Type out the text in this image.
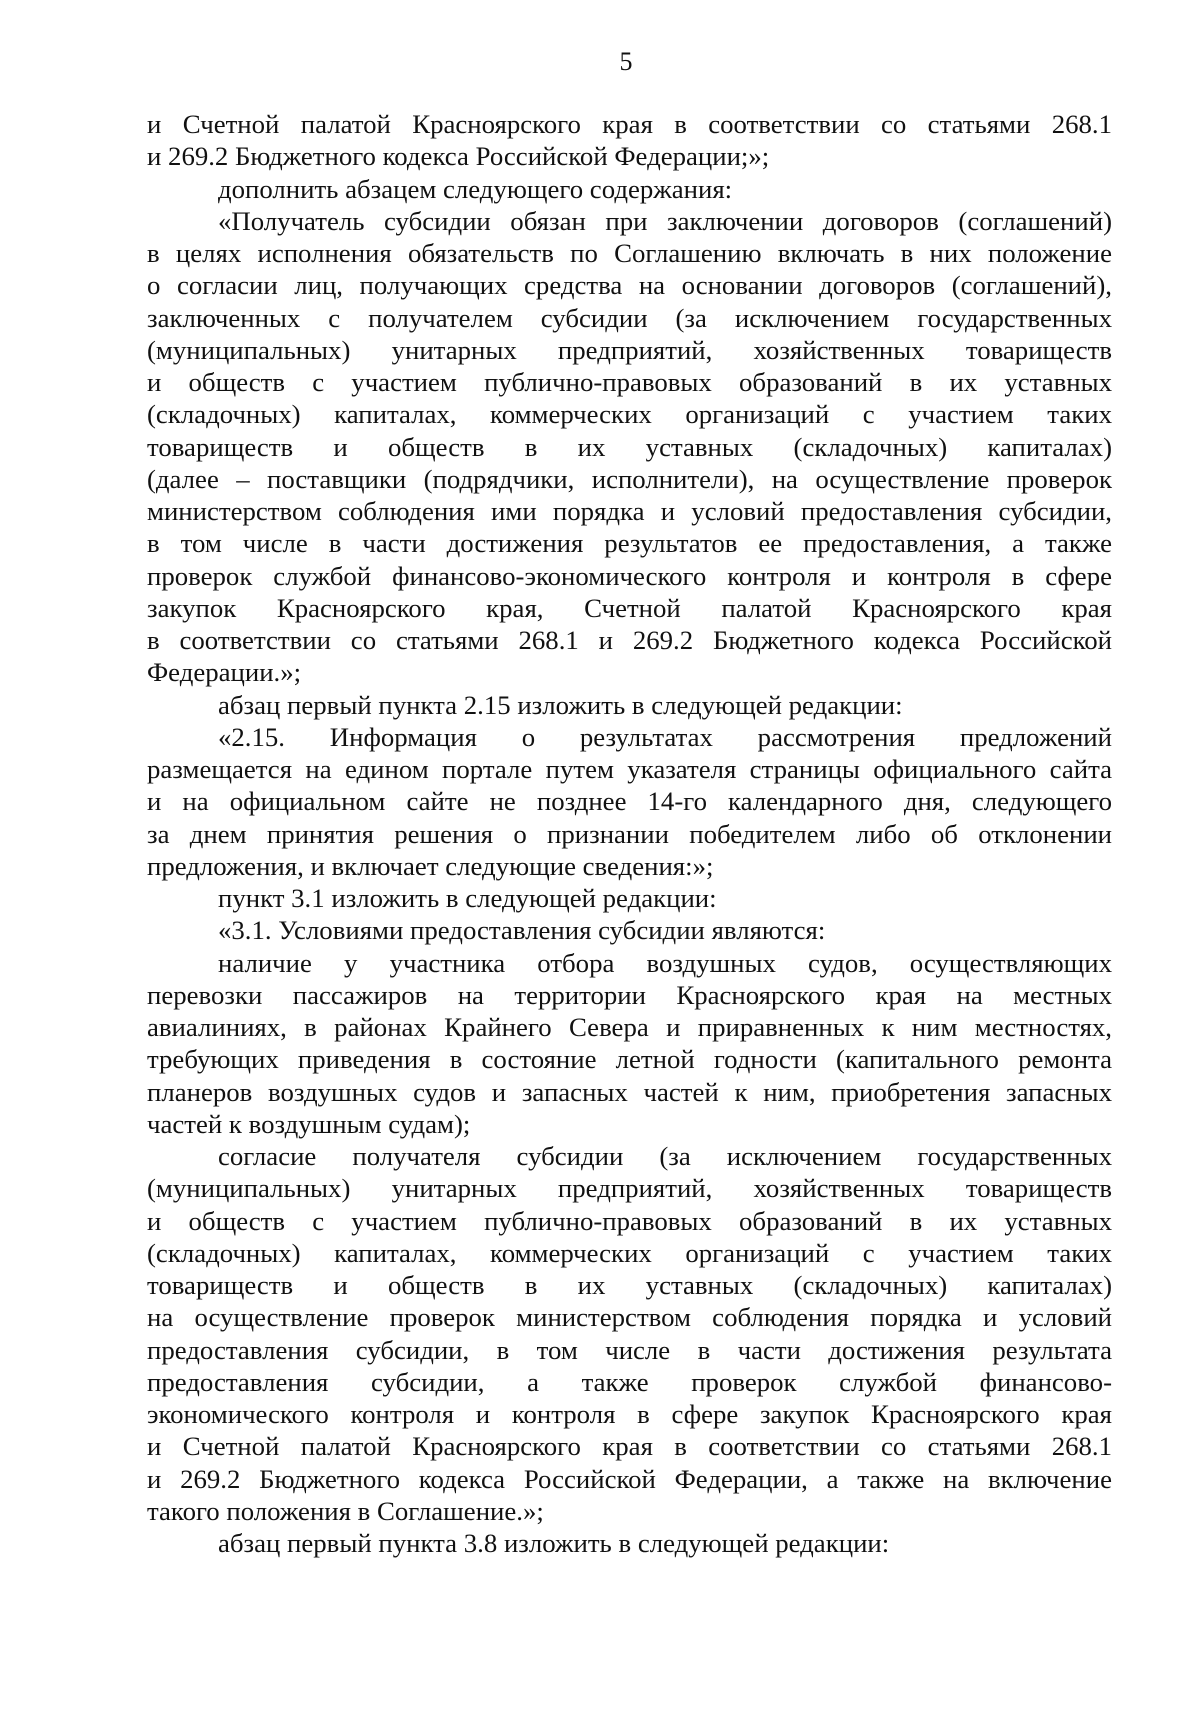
5
и Счетной палатой Красноярского края в соответствии со статьями 268.1
и 269.2 Бюджетного кодекса Российской Федерации;»;
дополнить абзацем следующего содержания:
«Получатель субсидии обязан при заключении договоров (соглашений)
в целях исполнения обязательств по Соглашению включать в них положение
о согласии лиц, получающих средства на основании договоров (соглашений),
заключенных с получателем субсидии (за исключением государственных
(муниципальных) унитарных предприятий, хозяйственных товариществ
и обществ с участием публично-правовых образований в их уставных
(складочных) капиталах, коммерческих организаций с участием таких
товариществ и обществ в их уставных (складочных) капиталах)
(далее – поставщики (подрядчики, исполнители), на осуществление проверок
министерством соблюдения ими порядка и условий предоставления субсидии,
в том числе в части достижения результатов ее предоставления, а также
проверок службой финансово-экономического контроля и контроля в сфере
закупок Красноярского края, Счетной палатой Красноярского края
в соответствии со статьями 268.1 и 269.2 Бюджетного кодекса Российской
Федерации.»;
абзац первый пункта 2.15 изложить в следующей редакции:
«2.15. Информация о результатах рассмотрения предложений
размещается на едином портале путем указателя страницы официального сайта
и на официальном сайте не позднее 14-го календарного дня, следующего
за днем принятия решения о признании победителем либо об отклонении
предложения, и включает следующие сведения:»;
пункт 3.1 изложить в следующей редакции:
«3.1. Условиями предоставления субсидии являются:
наличие у участника отбора воздушных судов, осуществляющих
перевозки пассажиров на территории Красноярского края на местных
авиалиниях, в районах Крайнего Севера и приравненных к ним местностях,
требующих приведения в состояние летной годности (капитального ремонта
планеров воздушных судов и запасных частей к ним, приобретения запасных
частей к воздушным судам);
согласие получателя субсидии (за исключением государственных
(муниципальных) унитарных предприятий, хозяйственных товариществ
и обществ с участием публично-правовых образований в их уставных
(складочных) капиталах, коммерческих организаций с участием таких
товариществ и обществ в их уставных (складочных) капиталах)
на осуществление проверок министерством соблюдения порядка и условий
предоставления субсидии, в том числе в части достижения результата
предоставления субсидии, а также проверок службой финансово-
экономического контроля и контроля в сфере закупок Красноярского края
и Счетной палатой Красноярского края в соответствии со статьями 268.1
и 269.2 Бюджетного кодекса Российской Федерации, а также на включение
такого положения в Соглашение.»;
абзац первый пункта 3.8 изложить в следующей редакции:
